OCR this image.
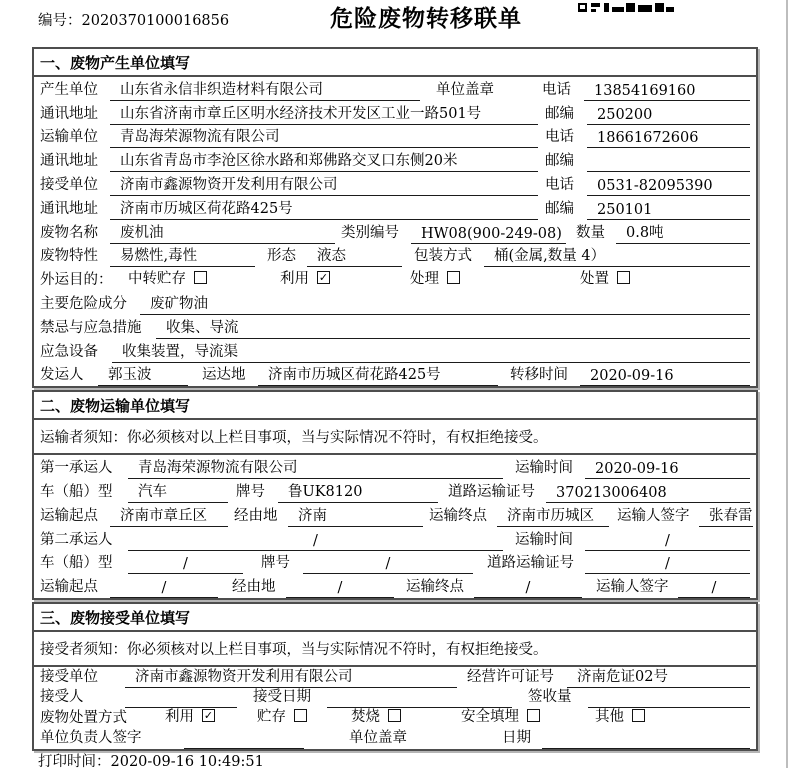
编号：2020370100016856	危险废物转移联单
一、废物产生单位填写
产生单位	山东省永信非织造材料有限公司	单位盖章	电话	13854169160
通讯地址	山东省济南市章丘区明水经济技术开发区工业一路501号	邮编	250200
运输单位	青岛海荣源物流有限公司	电话	18661672606
通讯地址	山东省青岛市李沧区徐水路和郑佛路交叉口东侧20米	邮编
接受单位	济南市鑫源物资开发利用有限公司	电话	0531-82095390
通讯地址	济南市历城区荷花路425号	邮编	250101
废物名称	废机油	类别编号	HW08(900-249-08) 数量	0.8吨
废物特性	易燃性,毒性	形态	液态	包装方式	桶(金属,数量 4）
外运目的：	中转贮存	利用 ✓	处理	处置
主要危险成分	废矿物油
禁忌与应急措施	收集、导流
应急设备	收集装置，导流渠
发运人	郭玉波	运达地	济南市历城区荷花路425号	转移时间	2020-09-16
二、废物运输单位填写
运输者须知：你必须核对以上栏目事项，当与实际情况不符时，有权拒绝接受。
第一承运人	青岛海荣源物流有限公司	运输时间	2020-09-16
车（船）型	汽车	牌号	鲁UK8120	道路运输证号	370213006408
运输起点	济南市章丘区	经由地	济南	运输终点	济南市历城区	运输人签字	张春雷
第二承运人	/	运输时间	/
车（船）型	/	牌号	/	道路运输证号	/
运输起点	/	经由地	/	运输终点	/	运输人签字	/
三、废物接受单位填写
接受者须知：你必须核对以上栏目事项，当与实际情况不符时，有权拒绝接受。
接受单位	济南市鑫源物资开发利用有限公司	经营许可证号	济南危证02号
接受人	接受日期	签收量
废物处置方式	利用 ✓	贮存	焚烧	安全填埋	其他
单位负责人签字	单位盖章	日期
打印时间：2020-09-16 10:49:51
